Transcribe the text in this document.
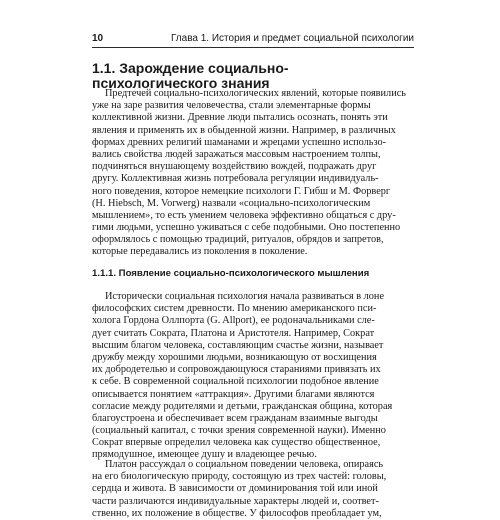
10	Глава 1. История и предмет социальной психологии
1.1. Зарождение социально-
психологического знания
Предтечей социально-психологических явлений, которые появились
уже на заре развития человечества, стали элементарные формы
коллективной жизни. Древние люди пытались осознать, понять эти
явления и применять их в обыденной жизни. Например, в различных
формах древних религий шаманами и жрецами успешно использо-
вались свойства людей заражаться массовым настроением толпы,
подчиняться внушающему воздействию вождей, подражать друг
другу. Коллективная жизнь потребовала регуляции индивидуаль-
ного поведения, которое немецкие психологи Г. Гибш и М. Форверг
(H. Hiebsch, M. Vorwerg) назвали «социально-психологическим
мышлением», то есть умением человека эффективно общаться с дру-
гими людьми, успешно уживаться с себе подобными. Оно постепенно
оформлялось с помощью традиций, ритуалов, обрядов и запретов,
которые передавались из поколения в поколение.
1.1.1. Появление социально-психологического мышления
Исторически социальная психология начала развиваться в лоне
философских систем древности. По мнению американского пси-
холога Гордона Оллпорта (G. Allport), ее родоначальниками сле-
дует считать Сократа, Платона и Аристотеля. Например, Сократ
высшим благом человека, составляющим счастье жизни, называет
дружбу между хорошими людьми, возникающую от восхищения
их добродетелью и сопровождающуюся стараниями привязать их
к себе. В современной социальной психологии подобное явление
описывается понятием «аттракция». Другими благами являются
согласие между родителями и детьми, гражданская община, которая
благоустроена и обеспечивает всем гражданам взаимные выгоды
(социальный капитал, с точки зрения современной науки). Именно
Сократ впервые определил человека как существо общественное,
прямодушное, имеющее душу и владеющее речью.
Платон рассуждал о социальном поведении человека, опираясь
на его биологическую природу, состоящую из трех частей: головы,
сердца и живота. В зависимости от доминирования той или иной
части различаются индивидуальные характеры людей и, соответ-
ственно, их положение в обществе. У философов преобладает ум,
